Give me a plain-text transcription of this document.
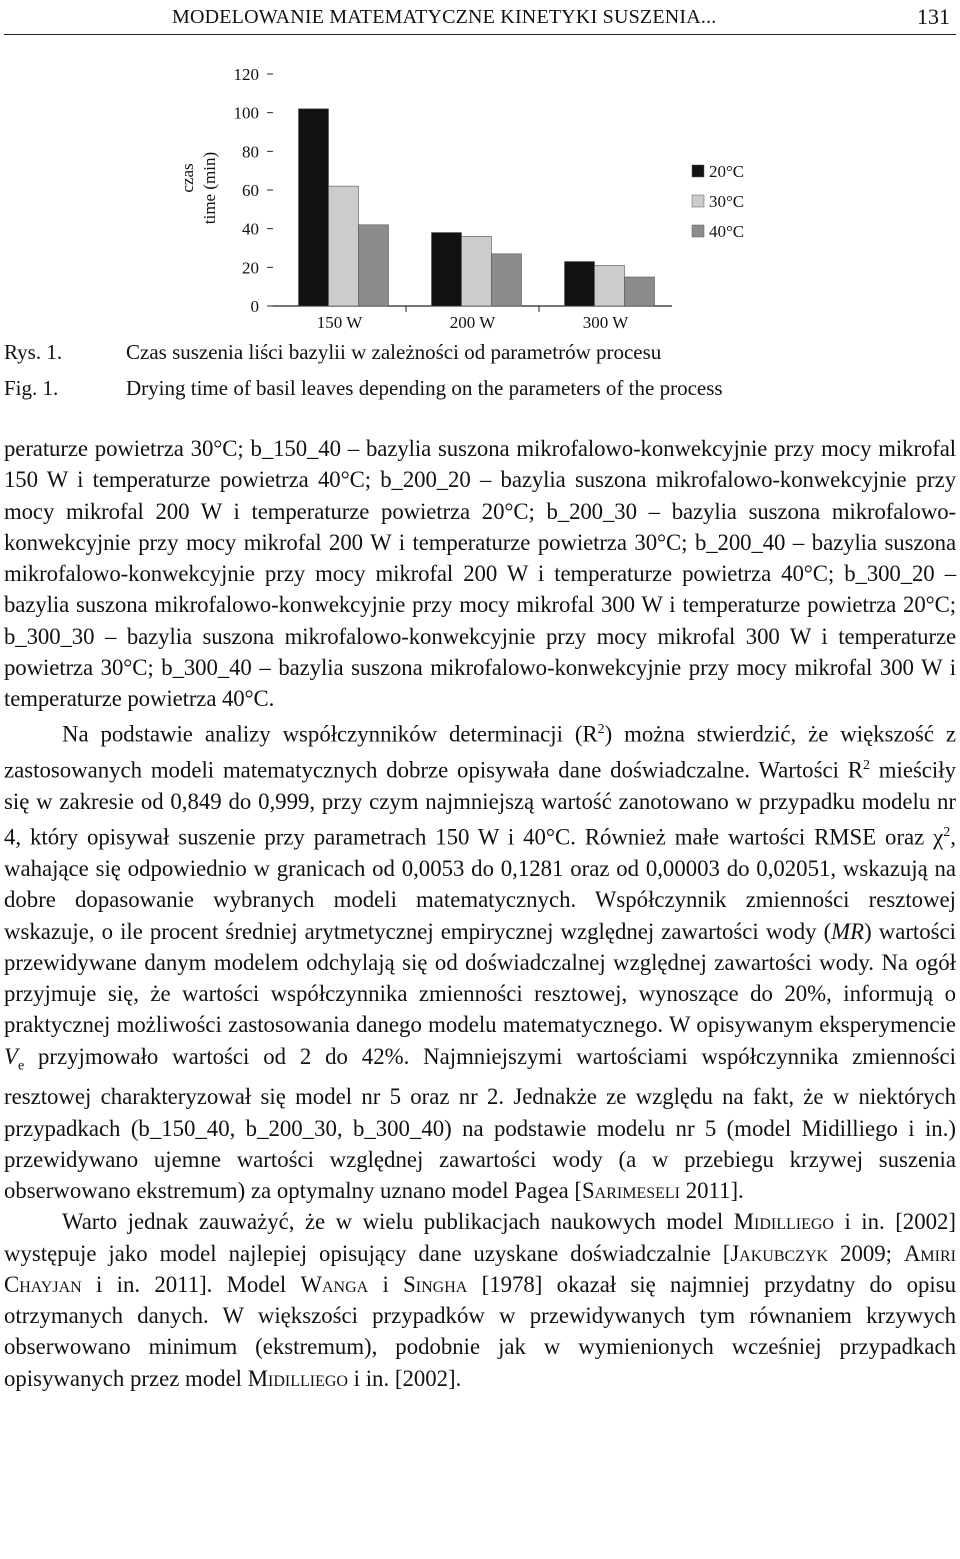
MODELOWANIE MATEMATYCZNE KINETYKI SUSZENIA...	131
0
20
40
60
80
100
120
150 W	200 W	300 W
20°C
30°C
40°C
czas time (min)
Rys. 1.	Czas suszenia liści bazylii w zależności od parametrów procesu
Fig. 1.	Drying time of basil leaves depending on the parameters of the process

peraturze powietrza 30°C; b_150_40 – bazylia suszona mikrofalowo-konwekcyjnie przy mocy mikrofal 150 W i temperaturze powietrza 40°C; b_200_20 – bazylia suszona mikrofalowo-konwekcyjnie przy mocy mikrofal 200 W i temperaturze powietrza 20°C; b_200_30 – bazylia suszona mikrofalowo-konwekcyjnie przy mocy mikrofal 200 W i temperaturze powietrza 30°C; b_200_40 – bazylia suszona mikrofalowo-konwekcyjnie przy mocy mikrofal 200 W i temperaturze powietrza 40°C; b_300_20 – bazylia suszona mikrofalowo-konwekcyjnie przy mocy mikrofal 300 W i temperaturze powietrza 20°C; b_300_30 – bazylia suszona mikrofalowo-konwekcyjnie przy mocy mikrofal 300 W i temperaturze powietrza 30°C; b_300_40 – bazylia suszona mikrofalowo-konwekcyjnie przy mocy mikrofal 300 W i temperaturze powietrza 40°C.

Na podstawie analizy współczynników determinacji $(R^2)$ można stwierdzić, że większość z zastosowanych modeli matematycznych dobrze opisywała dane doświadczalne. Wartości $R^2$ mieściły się w zakresie od 0,849 do 0,999, przy czym najmniejszą wartość zanotowano w przypadku modelu nr 4, który opisywał suszenie przy parametrach 150 W i 40°C. Również małe wartości RMSE oraz $\chi^2$, wahające się odpowiednio w granicach od 0,0053 do 0,1281 oraz od 0,00003 do 0,02051, wskazują na dobre dopasowanie wybranych modeli matematycznych. Współczynnik zmienności resztowej wskazuje, o ile procent średniej arytmetycznej empirycznej względnej zawartości wody (MR) wartości przewidywane danym modelem odchylają się od doświadczalnej względnej zawartości wody. Na ogół przyjmuje się, że wartości współczynnika zmienności resztowej, wynoszące do 20%, informują o praktycznej możliwości zastosowania danego modelu matematycznego. W opisywanym eksperymencie $V_e$ przyjmowało wartości od 2 do 42%. Najmniejszymi wartościami współczynnika zmienności resztowej charakteryzował się model nr 5 oraz nr 2. Jednakże ze względu na fakt, że w niektórych przypadkach (b_150_40, b_200_30, b_300_40) na podstawie modelu nr 5 (model Midilliego i in.) przewidywano ujemne wartości względnej zawartości wody (a w przebiegu krzywej suszenia obserwowano ekstremum) za optymalny uznano model Pagea [Sarimeseli 2011].

Warto jednak zauważyć, że w wielu publikacjach naukowych model Midilliego i in. [2002] występuje jako model najlepiej opisujący dane uzyskane doświadczalnie [Jakubczyk 2009; Amiri Chayjan i in. 2011]. Model Wanga i Singha [1978] okazał się najmniej przydatny do opisu otrzymanych danych. W większości przypadków w przewidywanych tym równaniem krzywych obserwowano minimum (ekstremum), podobnie jak w wymienionych wcześniej przypadkach opisywanych przez model Midilliego i in. [2002].
